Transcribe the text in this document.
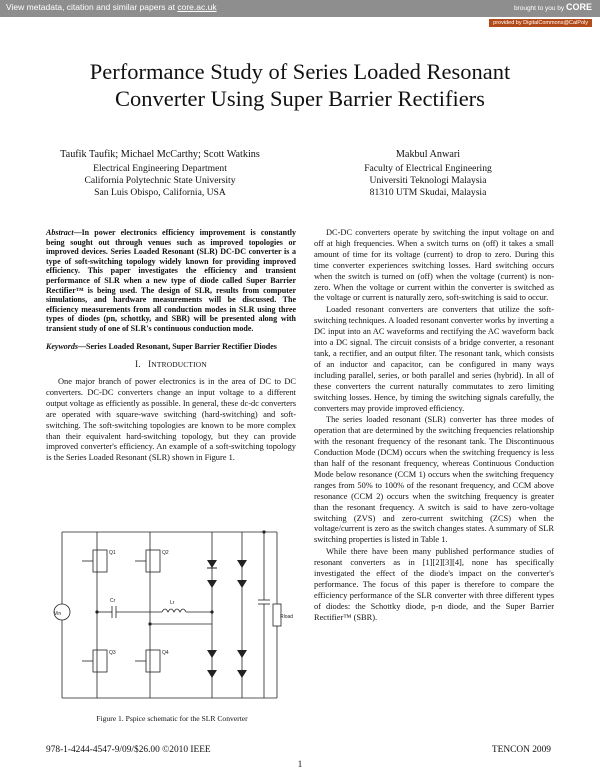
View metadata, citation and similar papers at core.ac.uk	brought to you by CORE
provided by DigitalCommons@CalPoly
Performance Study of Series Loaded Resonant
Converter Using Super Barrier Rectifiers
Taufik Taufik; Michael McCarthy; Scott Watkins
Electrical Engineering Department
California Polytechnic State University
San Luis Obispo, California, USA
Makbul Anwari
Faculty of Electrical Engineering
Universiti Teknologi Malaysia
81310 UTM Skudai, Malaysia
Abstract—In power electronics efficiency improvement is constantly being sought out through venues such as improved topologies or improved devices. Series Loaded Resonant (SLR) DC-DC converter is a type of soft-switching topology widely known for providing improved efficiency. This paper investigates the efficiency and transient performance of SLR when a new type of diode called Super Barrier Rectifier™ is being used. The design of SLR, results from computer simulations, and hardware measurements will be discussed. The efficiency measurements from all conduction modes in SLR using three types of diodes (pn, schottky, and SBR) will be presented along with transient study of one of SLR's continuous conduction mode.
Keywords—Series Loaded Resonant, Super Barrier Rectifier Diodes
I. INTRODUCTION

One major branch of power electronics is in the area of DC to DC converters. DC-DC converters change an input voltage to a different output voltage as efficiently as possible. In general, these dc-dc converters are operated with square-wave switching (hard-switching) and soft-switching. The soft-switching topologies are known to be more complex than their equivalent hard-switching topology, but they can provide improved converter's efficiency. An example of a soft-switching topology is the Series Loaded Resonant (SLR) shown in Figure 1.

Vin
Q1	Q2
Q3	Q4
Lr
Cr
Rload
Figure 1. Pspice schematic for the SLR Converter

DC-DC converters operate by switching the input voltage on and off at high frequencies. When a switch turns on (off) it takes a small amount of time for its voltage (current) to drop to zero. During this time converter experiences switching losses. Hard switching occurs when the switch is turned on (off) when the voltage (current) is non-zero. When the voltage or current within the converter is switched as the voltage or current is naturally zero, soft-switching is said to occur.

Loaded resonant converters are converters that utilize the soft-switching techniques. A loaded resonant converter works by inverting a DC input into an AC waveforms and rectifying the AC waveform back into a DC signal. The circuit consists of a bridge converter, a resonant tank, a rectifier, and an output filter. The resonant tank, which consists of an inductor and capacitor, can be configured in many ways including parallel, series, or both parallel and series (hybrid). In all of these converters the current naturally commutates to zero limiting switching losses. Hence, by timing the switching signals carefully, the converters may provide improved efficiency.

The series loaded resonant (SLR) converter has three modes of operation that are determined by the switching frequencies relationship with the resonant frequency of the resonant tank. The Discontinuous Conduction Mode (DCM) occurs when the switching frequency is less than half of the resonant frequency, whereas Continuous Conduction Mode below resonance (CCM 1) occurs when the switching frequency ranges from 50% to 100% of the resonant frequency, and CCM above resonance (CCM 2) occurs when the switching frequency is greater than the resonant frequency. A switch is said to have zero-voltage switching (ZVS) and zero-current switching (ZCS) when the voltage/current is zero as the switch changes states. A summary of SLR switching properties is listed in Table 1.

While there have been many published performance studies of resonant converters as in [1][2][3][4], none has specifically investigated the effect of the diode's impact on the converter's performance. The focus of this paper is therefore to compare the efficiency performance of the SLR converter with three different types of diodes: the Schottky diode, p-n diode, and the Super Barrier Rectifier™ (SBR).

978-1-4244-4547-9/09/$26.00 ©2010 IEEE	TENCON 2009
1
